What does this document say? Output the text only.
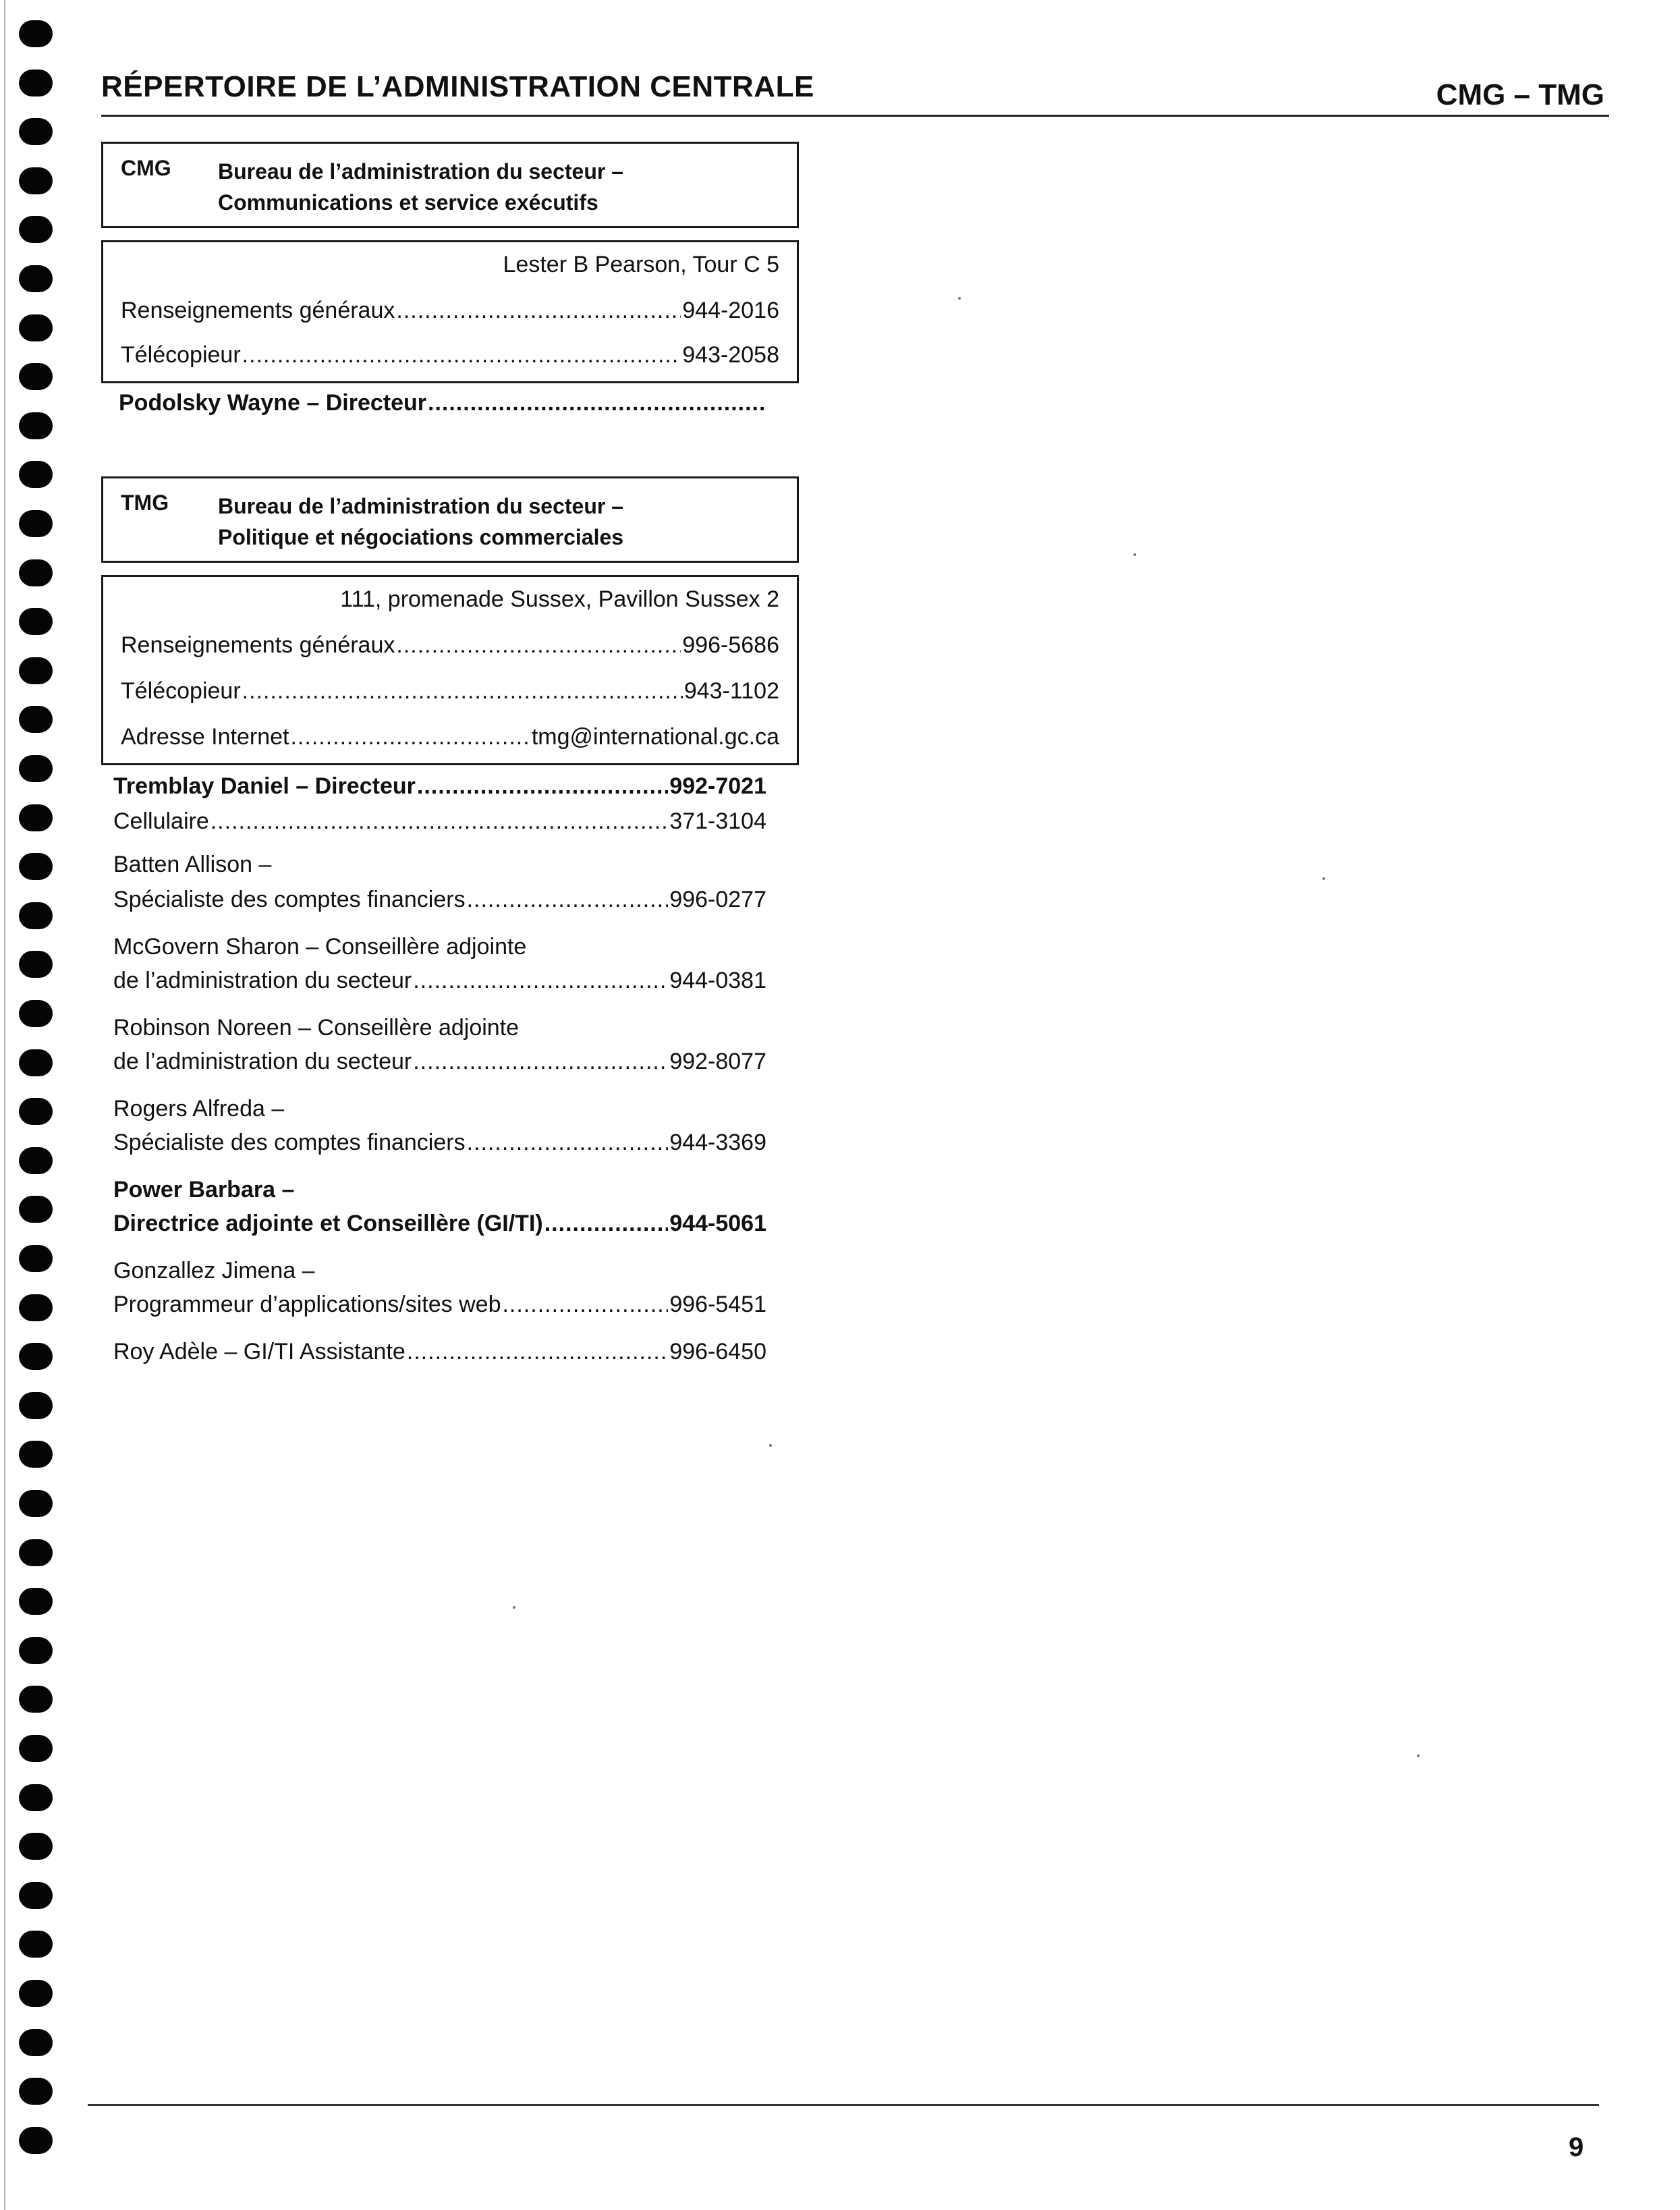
RÉPERTOIRE DE L’ADMINISTRATION CENTRALE	CMG – TMG
CMG Bureau de l’administration du secteur –
Communications et service exécutifs
Lester B Pearson, Tour C 5
Renseignements généraux .....	944-2016
Télécopieur .....	943-2058
Podolsky Wayne – Directeur
.....
TMG Bureau de l’administration du secteur –
Politique et négociations commerciales
111, promenade Sussex, Pavillon Sussex 2
Renseignements généraux .....	996-5686
Télécopieur .....	943-1102
Adresse Internet .....	tmg@international.gc.ca
Tremblay Daniel – Directeur .....	992-7021
Cellulaire .....	371-3104
Batten Allison –
Spécialiste des comptes financiers .....	996-0277
McGovern Sharon – Conseillère adjointe
de l’administration du secteur .....	944-0381
Robinson Noreen – Conseillère adjointe
de l’administration du secteur .....	992-8077
Rogers Alfreda –
Spécialiste des comptes financiers .....	944-3369
Power Barbara –
Directrice adjointe et Conseillère (GI/TI) .....	944-5061
Gonzallez Jimena –
Programmeur d’applications/sites web .....	996-5451
Roy Adèle – GI/TI Assistante .....	996-6450
9
